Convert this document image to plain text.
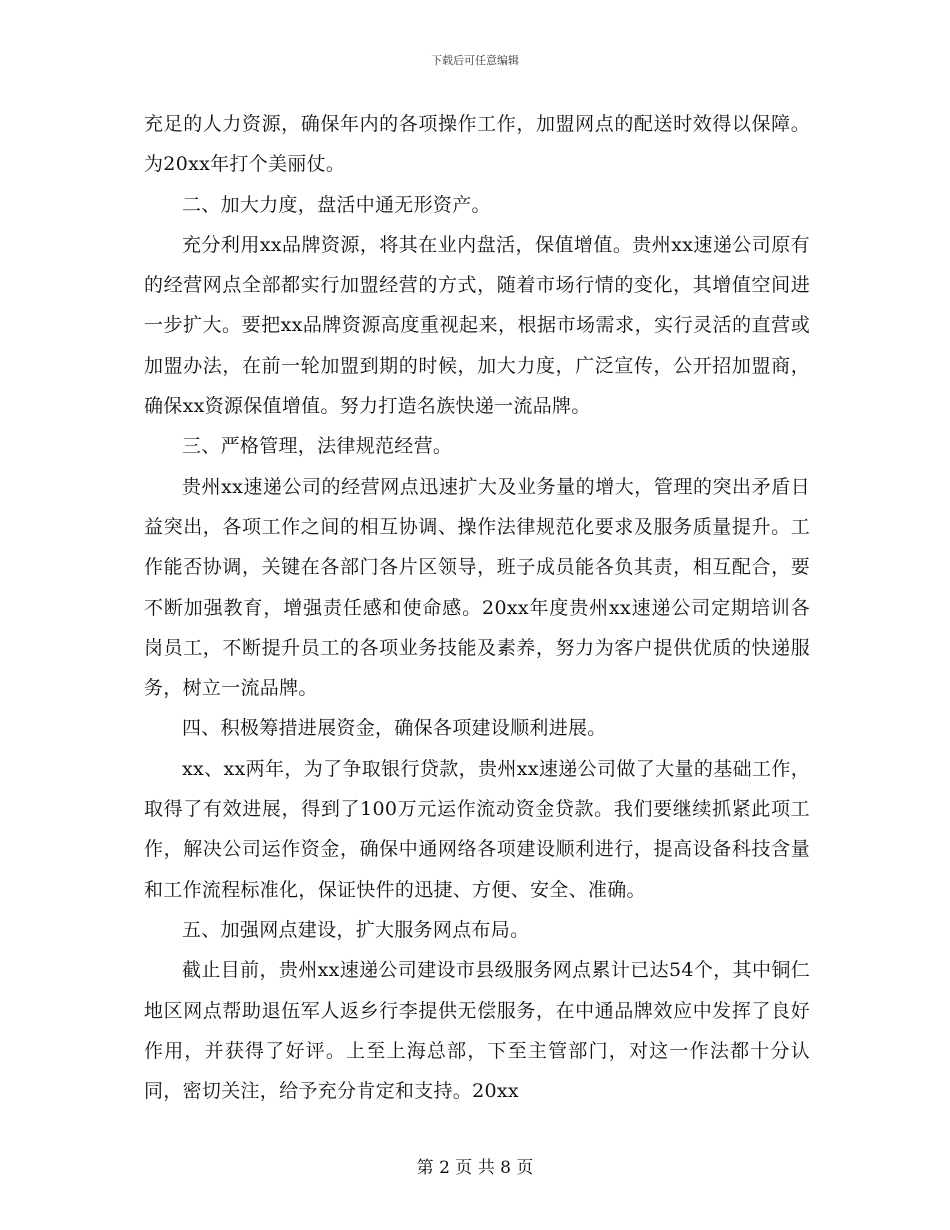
下载后可任意编辑

充足的人力资源，确保年内的各项操作工作，加盟网点的配送时效得以保障。为20xx年打个美丽仗。

二、加大力度，盘活中通无形资产。

充分利用xx品牌资源，将其在业内盘活，保值增值。贵州xx速递公司原有的经营网点全部都实行加盟经营的方式，随着市场行情的变化，其增值空间进一步扩大。要把xx品牌资源高度重视起来，根据市场需求，实行灵活的直营或加盟办法，在前一轮加盟到期的时候，加大力度，广泛宣传，公开招加盟商，确保xx资源保值增值。努力打造名族快递一流品牌。

三、严格管理，法律规范经营。

贵州xx速递公司的经营网点迅速扩大及业务量的增大，管理的突出矛盾日益突出，各项工作之间的相互协调、操作法律规范化要求及服务质量提升。工作能否协调，关键在各部门各片区领导，班子成员能各负其责，相互配合，要不断加强教育，增强责任感和使命感。20xx年度贵州xx速递公司定期培训各岗员工，不断提升员工的各项业务技能及素养，努力为客户提供优质的快递服务，树立一流品牌。

四、积极筹措进展资金，确保各项建设顺利进展。

xx、xx两年，为了争取银行贷款，贵州xx速递公司做了大量的基础工作，取得了有效进展，得到了100万元运作流动资金贷款。我们要继续抓紧此项工作，解决公司运作资金，确保中通网络各项建设顺利进行，提高设备科技含量和工作流程标准化，保证快件的迅捷、方便、安全、准确。

五、加强网点建设，扩大服务网点布局。

截止目前，贵州xx速递公司建设市县级服务网点累计已达54个，其中铜仁地区网点帮助退伍军人返乡行李提供无偿服务，在中通品牌效应中发挥了良好作用，并获得了好评。上至上海总部，下至主管部门，对这一作法都十分认同，密切关注，给予充分肯定和支持。20xx

第 2 页 共 8 页
